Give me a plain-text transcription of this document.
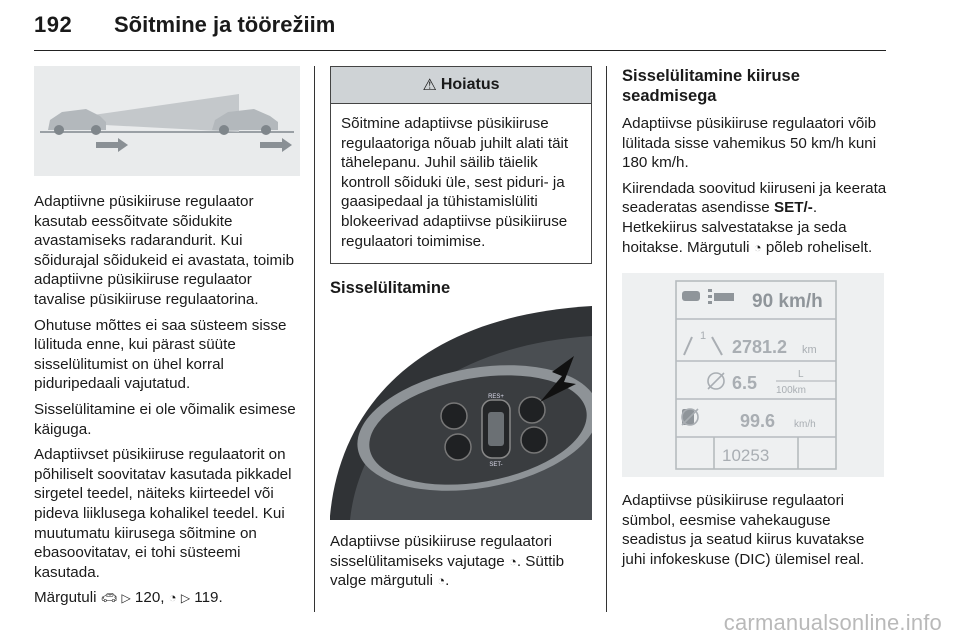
192 Sõitmine ja töörežiim

Adaptiivne püsikiiruse regulaator kasutab eessõitvate sõidukite avastamiseks radarandurit. Kui sõidurajal sõidukeid ei avastata, toimib adaptiivne püsikiiruse regulaator tavalise püsikiiruse regulaatorina.

Ohutuse mõttes ei saa süsteem sisse lülituda enne, kui pärast süüte sisselülitumist on ühel korral piduripedaali vajutatud.

Sisselülitamine ei ole võimalik esimese käiguga.

Adaptiivset püsikiiruse regulaatorit on põhiliselt soovitatav kasutada pikkadel sirgetel teedel, näiteks kiirteedel või pideva liiklusega kohalikel teedel. Kui muutumatu kiirusega sõitmine on ebasoovitatav, ei tohi süsteemi kasutada.

Märgutuli 🚗︎ ▷ 120, ◔ ▷ 119.

⚠ Hoiatus

Sõitmine adaptiivse püsikiiruse regulaatoriga nõuab juhilt alati täit tähelepanu. Juhil säilib täielik kontroll sõiduki üle, sest piduri- ja gaasipedaal ja tühistamislüliti blokeerivad adaptiivse püsikiiruse regulaatori toimimise.

Sisselülitamine
RES+
SET-

Adaptiivse püsikiiruse regulaatori sisselülitamiseks vajutage ◔. Süttib valge märgutuli ◔.

Sisselülitamine kiiruse seadmisega

Adaptiivse püsikiiruse regulaatori võib lülitada sisse vahemikus 50 km/h kuni 180 km/h.

Kiirendada soovitud kiiruseni ja keerata seaderatas asendisse SET/-. Hetkekiirus salvestatakse ja seda hoitakse. Märgutuli ◔ põleb roheliselt.

90 km/h
1
2781.2 km
6.5	L
100km
99.6 km/h
10253

Adaptiivse püsikiiruse regulaatori sümbol, eesmise vahekauguse seadistus ja seatud kiirus kuvatakse juhi infokeskuse (DIC) ülemisel real.

carmanualsonline.info
